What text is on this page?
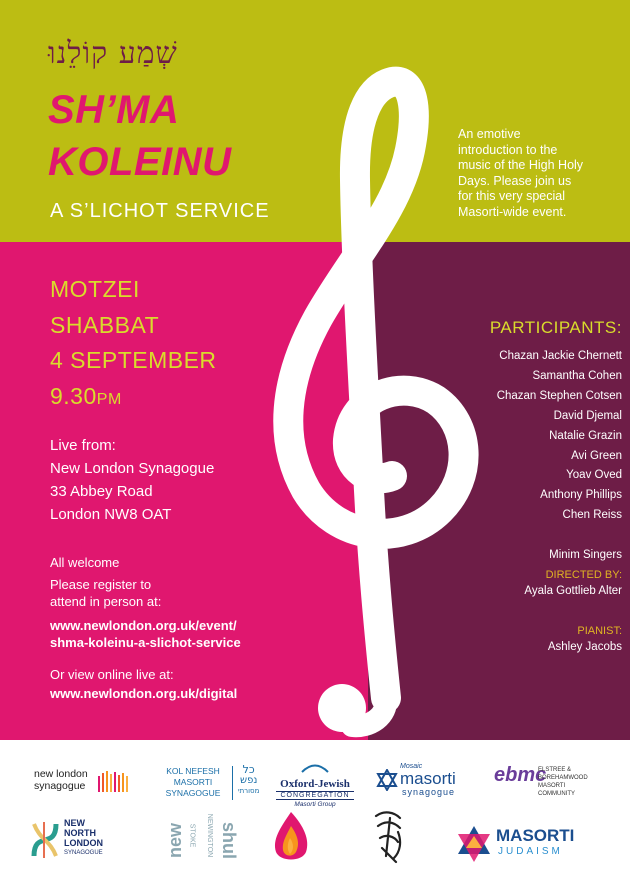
שְׁמַע קוֹלֵנוּ
SH’MA
KOLEINU
A S’LICHOT SERVICE
An emotive
introduction to the
music of the High Holy
Days. Please join us
for this very special
Masorti-wide event.
MOTZEI
SHABBAT
4 SEPTEMBER
9.30PM
Live from:
New London Synagogue
33 Abbey Road
London NW8 OAT
All welcome
Please register to
attend in person at:
www.newlondon.org.uk/event/
shma-koleinu-a-slichot-service
Or view online live at:
www.newlondon.org.uk/digital
PARTICIPANTS:
Chazan Jackie Chernett
Samantha Cohen
Chazan Stephen Cotsen
David Djemal
Natalie Grazin
Avi Green
Yoav Oved
Anthony Phillips
Chen Reiss
Minim Singers
DIRECTED BY:
Ayala Gottlieb Alter
PIANIST:
Ashley Jacobs
new london
synagogue
KOL NEFESH
MASORTI
SYNAGOGUE
כל
נפש
מסורתי
Oxford-Jewish
CONGREGATION
Masorti Group
Mosaic
masorti
synagogue
ebmc
ELSTREE &
BOREHAMWOOD
MASORTI
COMMUNITY
NEW
NORTH
LONDON
SYNAGOGUE	new STOKE NEWINGTON shul	MASORTI
JUDAISM
